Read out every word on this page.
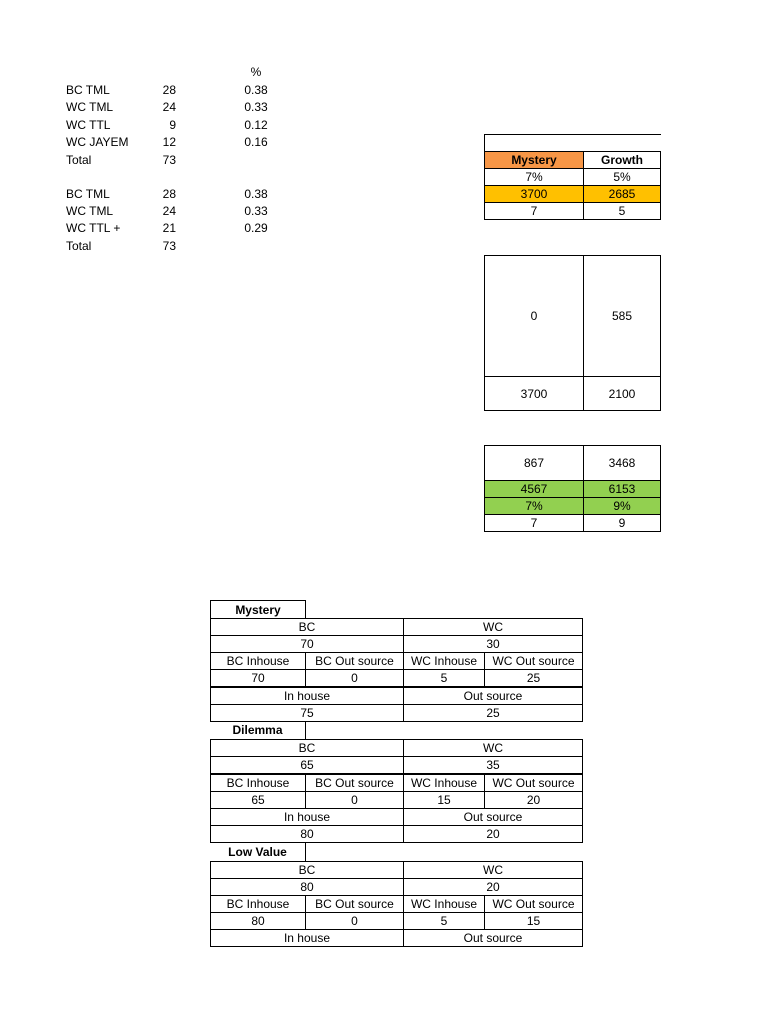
%
BC TML	28	0.38
WC TML	24	0.33
WC TTL	9	0.12
WC JAYEM	12	0.16
Total	73
BC TML	28	0.38
WC TML	24	0.33
WC TTL +	21	0.29
Total	73
Mystery	Growth
7%	5%
3700	2685
7	5
0	585
3700	2100
867	3468
4567	6153
7%	9%
7	9
Mystery
BC	WC
70	30
BC Inhouse	BC Out source	WC Inhouse	WC Out source
70	0	5	25
In house	Out source
75	25
Dilemma
BC	WC
65	35
BC Inhouse	BC Out source	WC Inhouse	WC Out source
65	0	15	20
In house	Out source
80	20
Low Value
BC	WC
80	20
BC Inhouse	BC Out source	WC Inhouse	WC Out source
80	0	5	15
In house	Out source
